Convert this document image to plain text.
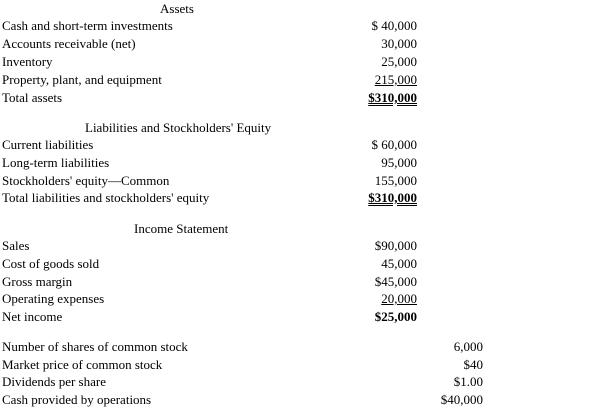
Assets
Cash and short-term investments	$ 40,000
Accounts receivable (net)	30,000
Inventory	25,000
Property, plant, and equipment	215,000
Total assets	$310,000
Liabilities and Stockholders' Equity
Current liabilities	$ 60,000
Long-term liabilities	95,000
Stockholders' equity—Common	155,000
Total liabilities and stockholders' equity	$310,000
Income Statement
Sales	$90,000
Cost of goods sold	45,000
Gross margin	$45,000
Operating expenses	20,000
Net income	$25,000
Number of shares of common stock	6,000
Market price of common stock	$40
Dividends per share	$1.00
Cash provided by operations	$40,000
